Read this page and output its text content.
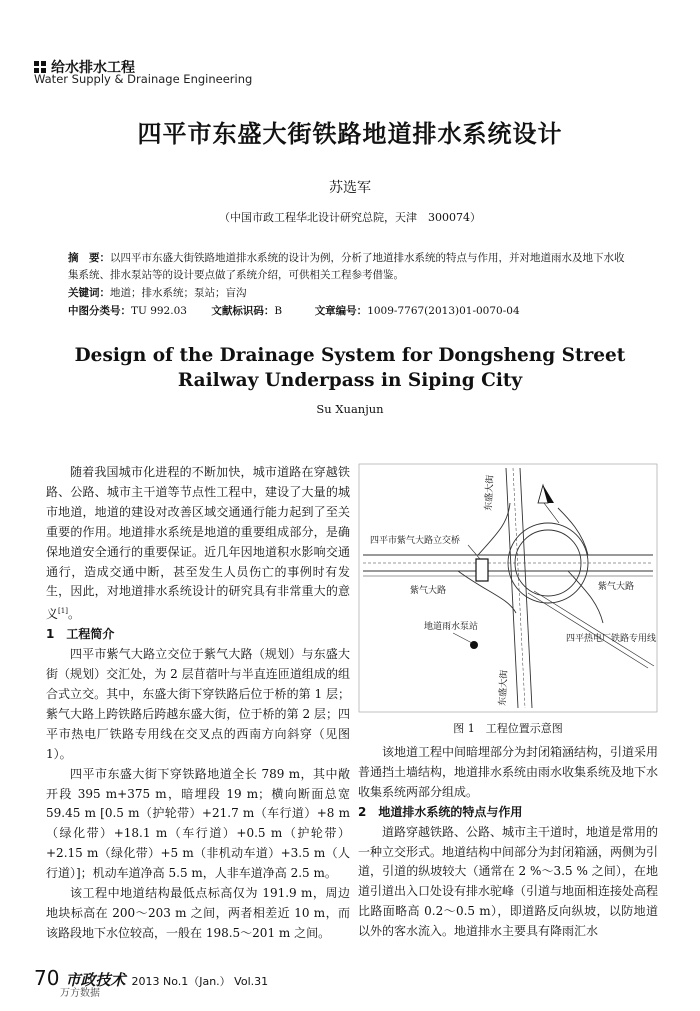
给水排水工程
Water Supply & Drainage Engineering
四平市东盛大街铁路地道排水系统设计
苏选军
（中国市政工程华北设计研究总院，天津　300074）
摘　要：以四平市东盛大街铁路地道排水系统的设计为例，分析了地道排水系统的特点与作用，并对地道雨水及地下水收集系统、排水泵站等的设计要点做了系统介绍，可供相关工程参考借鉴。
关键词：地道；排水系统；泵站；盲沟
中图分类号：TU 992.03 文献标识码：B	文章编号：1009-7767(2013)01-0070-04
Design of the Drainage System for Dongsheng Street Railway Underpass in Siping City
Su Xuanjun

随着我国城市化进程的不断加快，城市道路在穿越铁路、公路、城市主干道等节点性工程中，建设了大量的城市地道，地道的建设对改善区域交通通行能力起到了至关重要的作用。地道排水系统是地道的重要组成部分，是确保地道安全通行的重要保证。近几年因地道积水影响交通通行，造成交通中断，甚至发生人员伤亡的事例时有发生，因此，对地道排水系统设计的研究具有非常重大的意义[1]。

1　工程简介

四平市紫气大路立交位于紫气大路（规划）与东盛大街（规划）交汇处，为 2 层苜蓿叶与半直连匝道组成的组合式立交。其中，东盛大街下穿铁路后位于桥的第 1 层；紫气大路上跨铁路后跨越东盛大街，位于桥的第 2 层；四平市热电厂铁路专用线在交叉点的西南方向斜穿（见图 1）。

四平市东盛大街下穿铁路地道全长 789 m，其中敞开段 395 m+375 m，暗埋段 19 m；横向断面总宽 59.45 m [0.5 m（护轮带）+21.7 m（车行道）+8 m（绿化带）+18.1 m（车行道）+0.5 m（护轮带）+2.15 m（绿化带）+5 m（非机动车道）+3.5 m（人行道）]；机动车道净高 5.5 m，人非车道净高 2.5 m。

该工程中地道结构最低点标高仅为 191.9 m，周边地块标高在 200～203 m 之间，两者相差近 10 m，而该路段地下水位较高，一般在 198.5～201 m 之间。

东盛大街
四平市紫气大路立交桥
紫气大路	紫气大路
地道雨水泵站
四平热电厂铁路专用线
东盛大街
图 1　工程位置示意图

该地道工程中间暗埋部分为封闭箱涵结构，引道采用普通挡土墙结构，地道排水系统由雨水收集系统及地下水收集系统两部分组成。

2　地道排水系统的特点与作用

道路穿越铁路、公路、城市主干道时，地道是常用的一种立交形式。地道结构中间部分为封闭箱涵，两侧为引道，引道的纵坡较大（通常在 2 %～3.5 % 之间），在地道引道出入口处设有排水驼峰（引道与地面相连接处高程比路面略高 0.2～0.5 m），即道路反向纵坡，以防地道以外的客水流入。地道排水主要具有降雨汇水

70 市政技术 2013 No.1（Jan.） Vol.31
万方数据
